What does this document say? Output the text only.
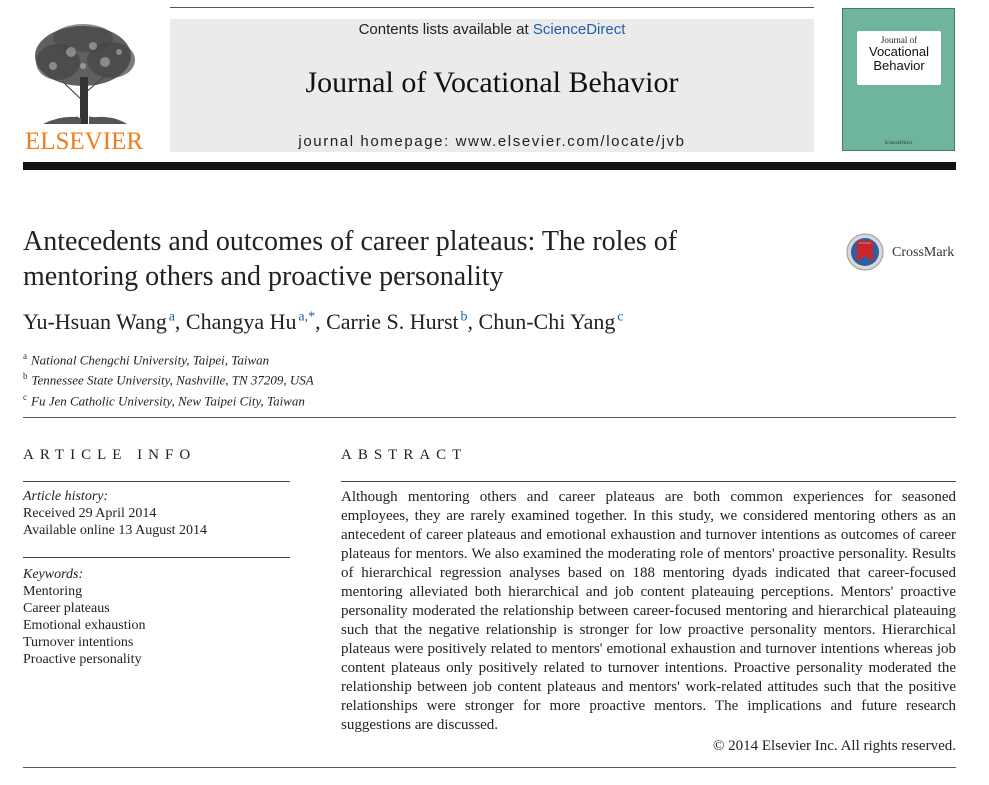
ELSEVIER
Contents lists available at ScienceDirect
Journal of Vocational Behavior
journal homepage: www.elsevier.com/locate/jvb
Journal of
Vocational
Behavior
ScienceDirect
Antecedents and outcomes of career plateaus: The roles of
mentoring others and proactive personality
CrossMark
Yu-Hsuan Wang  $^a$, Changya Hu  $^{a,*}$, Carrie S. Hurst  $^b$, Chun-Chi Yang  $^c$
$^a$ National Chengchi University, Taipei, Taiwan
$^b$ Tennessee State University, Nashville, TN 37209, USA
$^c$ Fu Jen Catholic University, New Taipei City, Taiwan
ARTICLE INFO
Article history:
Received 29 April 2014
Available online 13 August 2014
Keywords:
Mentoring
Career plateaus
Emotional exhaustion
Turnover intentions
Proactive personality
ABSTRACT

Although mentoring others and career plateaus are both common experiences for seasoned employees, they are rarely examined together. In this study, we considered mentoring others as an antecedent of career plateaus and emotional exhaustion and turnover intentions as outcomes of career plateaus for mentors. We also examined the moderating role of mentors' proactive personality. Results of hierarchical regression analyses based on 188 mentoring dyads indicated that career-focused mentoring alleviated both hierarchical and job content plateauing perceptions. Mentors' proactive personality moderated the relationship between career-focused mentoring and hierarchical plateauing such that the negative relationship is stronger for low proactive personality mentors. Hierarchical plateaus were positively related to mentors' emotional exhaustion and turnover intentions whereas job content plateaus only positively related to turnover intentions. Proactive personality moderated the relationship between job content plateaus and mentors' work-related attitudes such that the positive relationships were stronger for more proactive mentors. The implications and future research suggestions are discussed.

© 2014 Elsevier Inc. All rights reserved.
